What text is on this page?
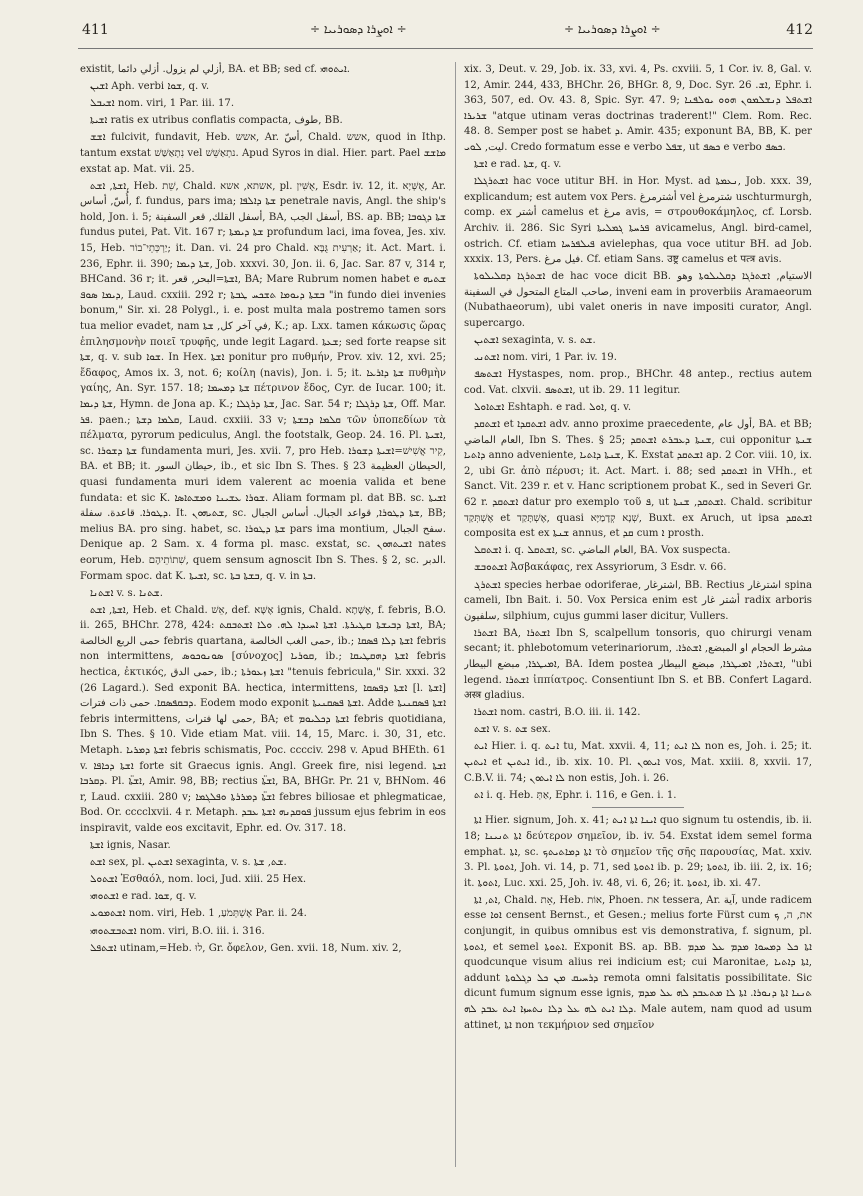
411	÷ ܐܘܨܪܐ ܕܣܘܪܝܝܐ ÷	÷ ܐܘܨܪܐ ܕܣܘܪܝܝܐ ÷	412

existit, أزلي لم يزول. أزلي دائما, BA. et BB; sed cf. ܐܝܬܘܗܝ.

ܐܫܝܢ Aph. verbi ܫܘܐ, q. v.

ܐܫܝܒܠ nom. viri, 1 Par. iii. 17.

ܐܫܝܬܐ ratis ex utribus conflatis compacta, طوف, BB.

ܐܫܫ fulcivit, fundavit, Heb. אשש, Ar. أسّ, Chald. אשש, quod in Ithp. tantum exstat נִתְאַשַּׁשׁ vel נתְאַשֵּׁשׁ. Apud Syros in dial. Hier. part. Pael ܡܐܫܫ exstat ap. Mat. vii. 25.

ܐܫܬܐ, ܐܫܬ, Heb. שֵׁת, Chald. אשתא, אשא, pl. אֻשִּׁין, Esdr. iv. 12, it. אֻשְּׁיָא, Ar. أُسّ, أساس, f. fundus, pars ima; ܫܬܐ ܕܐܠܦܐ penetrale navis, Angl. the ship's hold, Jon. i. 5; أسفل القلك, قعر السفينة, BA, أسفل الجب, BS. ap. BB; ܫܬܐ ܕܓܘܒܐ fundus putei, Pat. Vit. 167 r; ܫܬܐ ܕܝܡܬܐ profundum laci, ima fovea, Jes. xiv. 15, Heb. יַרְכְּתֵי־בוֹר; it. Dan. vi. 24 pro Chald. אַרְעִית גֻּבָּא; it. Act. Mart. i. 236, Ephr. ii. 390; ܫܬܐ ܕܝܡܐ, Job. xxxvi. 30, Jon. ii. 6, Jac. Sar. 87 v, 314 r, BHCand. 36 r; it. ܐܫܬܐ=البحر, قعر, BA; Mare Rubrum nomen habet e ܫܬܝܗ ܕܝܡܐ ܣܘܦ, Laud. cxxiii. 292 r; ܒܫܬܐ ܕܝܘܡܐ ܬܫܟܚ ܛܒܬܐ "in fundo diei invenies bonum," Sir. xi. 28 Polygl., i. e. post multa mala postremo tamen sors tua melior evadet, nam في آخر كل, ܫܬܐ, K.; ap. Lxx. tamen κάκωσις ὥρας ἐπιλησμονὴν ποιεῖ τρυφῆς, unde legit Lagard. ܫܥܬܐ; sed forte reapse sit ܫܬܐ, q. v. sub ܫܘܐ. In Hex. ܐܫܬܐ ponitur pro πυθμήν, Prov. xiv. 12, xvi. 25; ἔδαφος, Amos ix. 3, not. 6; κοίλη (navis), Jon. i. 5; it. ܫܬܐ ܕܐܪܥܐ πυθμὴν γαίης, An. Syr. 157. 18; ܫܬܐ ܕܡܚܡܐ πέτρινον ἔδος, Cyr. de Iucar. 100; it. ܫܬܐ ܕܝܡܐ, Hymn. de Jona ap. K.; ܫܬܐ ܕܪܓܠܐ, Jac. Sar. 54 r; ܫܬܐ ܕܪܓܠܐ, Off. Mar. ܦܪ. paen.; ܩܠܡܐ ܕܫܬܐ, Laud. cxxiii. 33 v; ܩܠܡܐ ܕܒܫܬܐ τῶν ὑποπεδίων τὰ πέλματα, pyrorum pediculus, Angl. the footstalk, Geop. 24. 16. Pl. ܐܫܝܬܐ, sc. ܫܬܐ ܕܫܘܪܐ fundamenta muri, Jes. xvii. 7, pro Heb. קִיר אֲשִׁישׁ=ܐܫܝܬܐ ܕܫܘܪܐ, BA. et BB; it. حيطان السور, ib., et sic Ibn S. Thes. § 23 الحيطان العظيمة, quasi fundamenta muri idem valerent ac moenia valida et bene fundata: et sic K. ܫܘܪܐ ܥܫܝܢܐ ܘܡܫܬܐܣܐ. Aliam formam pl. dat BB. sc. ܐܫܝܬܐ ܕܛܘܪܐ. قاعدة. سفلة. It. ܫܬܝܗܘܢ, sc. ܫܬܐ ܕܛܘܪܐ, قواعد الجبال. أساس الجبال, BB; melius BA. pro sing. habet, sc. ܫܬܐ ܕܛܘܪܐ pars ima montium, سفح الجبال. Denique ap. 2 Sam. x. 4 forma pl. masc. exstat, sc. ܐܫܝܬܗܘܢ nates eorum, Heb. שִׁתוֹתֵיהֶם, quem sensum agnoscit Ibn S. Thes. § 2, sc. الدبر. Formam spoc. dat K. ܐܫܝܬܐ, sc. ܒܫܬܐ ܒܬܐ, q. v. in ܒܬܐ.

ܐܫܬܢܐ v. s. ܫܬܢܐ.

ܐܫܬܐ, ܐܫܬ, Heb. et Chald. אֵשׁ, def. אֶשָּׁא ignis, Chald. אֶשָּׁתָא, f. febris, B.O. ii. 265, BHChr. 278, 424: ܐܫܬܐ ܕܒܝܫܬܐ ܩܛܝܪܬܐ. ܐܫܬܐ ܐܚܝܕܐ ܠܗ. ܘܠܐ ܐܫܬܒܩܬ, BA; حمى الربع الخالصة febris quartana, حمى الغب الخالصة, ib.; ܐܫܬܐ ܕܠܐ ܦܣܩܐ febris non intermittens, ܣܘܢܘܟܘܣ [σύνοχος] ܩܘܪܝܐ, ib.; ܐܫܬܐ ܕܗܩܛܝܩܐ febris hectica, ἐκτικός, حمى الدق, ib.; ܐܫܬܐ ܙܥܘܪܬܐ "tenuis febricula," Sir. xxxi. 32 (26 Lagard.). Sed exponit BA. hectica, intermittens, ܐܫܬܐ ܕܦܣܩܐ [l. ܐܫܬܐ] ܕܒܩܦܣܩܐ. حمى ذات فترات. Eodem modo exponit ܐܫܬܐ ܦܣܩܢܝܬܐ. Adde ܐܫܬܐ ܦܣܩܢܝܬܐ febris intermittens, حمى لها فترات, BA; et ܐܫܬܐ ܕܟܠܝܘܡ febris quotidiana, Ibn S. Thes. § 10. Vide etiam Mat. viii. 14, 15, Marc. i. 30, 31, etc. Metaph. ܐܫܬܐ ܕܡܪܝܐ febris schismatis, Poc. cccciv. 298 v. Apud BHEth. 61 v. ܐܫܬܐ ܕܟܐܦܐ forte sit Graecus ignis. Angl. Greek fire, nisi legend. ܐܫܬܐ ܕܩܪܒܐ. Pl. ܐܫܬܐ̈, Amir. 98, BB; rectius ܐܫܬ̈ܐ, BA, BHGr. Pr. 21 v, BHNom. 46 r, Laud. cxxiii. 280 v; ܐܫܬܐ̈ ܕܡܪܪܬܐ ܘܦܠܓܡܐ febres biliosae et phlegmaticae, Bod. Or. cccclxvii. 4 r. Metaph. ܦܘܩܕܢܗ ܐܫܬܐ ܥܒܕ jussum ejus febrim in eos inspiravit, valde eos excitavit, Ephr. ed. Ov. 317. 18.

ܐܫܬܐ ignis, Nasar.

ܐܫܬ sex, pl. ܐܫܬܝܢ sexaginta, v. s. ܫܬ, ܫܬܐ.

ܐܫܬܘܠ Ἐσθαόλ, nom. loci, Jud. xiii. 25 Hex.

ܐܫܬܘܗܝ e rad. ܫܘܐ, q. v.

ܐܫܬܡܘܥ nom. viri, Heb. אֶשְׁתְּמֹעַ, 1 Par. ii. 24.

ܐܫܬܒܫܬܘܗܝ nom. viri, B.O. iii. i. 316.

ܐܫܬܦܠ utinam,=Heb. לוּ, Gr. ὄφελον, Gen. xvii. 18, Num. xiv. 2,

xix. 3, Deut. v. 29, Job. ix. 33, xvi. 4, Ps. cxviii. 5, 1 Cor. iv. 8, Gal. v. 12, Amir. 244, 433, BHChr. 26, BHGr. 8, 9, Doc. Syr. ܐܫ. 26, Ephr. i. 363, 507, ed. Ov. 43. 8, Spic. Syr. 47. 9; ܐܫܬܦܠ ܕܢܫܠܡܘܢ ܗܘܘ ܝܘܠܦܢܐ ܫܪܝܪܐ "atque utinam veras doctrinas traderent!" Clem. Rom. Rec. 48. 8. Semper post se habet ܕ. Amir. 435; exponunt BA, BB, K. per ليت, ܠܘܝ. Credo formatum esse e verbo ܫܦܠ, ut ܟܣܦ e verbo ܟܣܦ.

ܐܫܬܐ e rad. ܫܬܐ, q. v.

ܐܫܬܪܓܠܐ hac voce utitur BH. in Hor. Myst. ad ܢܥܡܬܐ, Job. xxx. 39, explicandum; est autem vox Pers. أشترمرغ vel شترمرغ uschturmurgh, comp. ex أشتر camelus et مرغ avis, = στρουθοκάμηλος, cf. Lorsb. Archiv. ii. 286. Sic Syri ܦܪܚܬܐ ܓܡܠܝܬܐ avicamelus, Angl. bird-camel, ostrich. Cf. etiam ܦܝܠܦܪܚܐ avielephas, qua voce utitur BH. ad Job. xxxix. 13, Pers. فيل مرغ. Cf. etiam Sans. उष्ट्र camelus et पत्त्र avis.

ܐܫܬܪܓܐ ܕܩܠܝܠܘܬܐ de hac voce dicit BB. الاستيام, ܐܫܬܪܓܐ ܕܩܠܝܠܘܬܐ وهو صاحب المتاع المتحول في السفينة, inveni eam in proverbiis Aramaeorum (Nubathaeorum), ubi valet oneris in nave impositi curator, Angl. supercargo.

ܐܫܬܝܢ sexaginta, v. s. ܫܬ.

ܐܫܬܢܝ nom. viri, 1 Par. iv. 19.

ܐܫܬܣܦ Hystaspes, nom. prop., BHChr. 48 antep., rectius autem cod. Vat. clxvii. ܐܫܬܣܦ, ut ib. 29. 11 legitur.

ܐܫܬܐܘܠ Eshtaph. e rad. ܐܘܠ, q. v.

ܐܫܬܩܕ et ܐܫܬܩܕܐ adv. anno proxime praecedente, أول عام, BA. et BB; العام الماضي, Ibn S. Thes. § 25; ܫܢܬܐ ܕܥܒܪܬ ܐܫܬܩܕ, cui opponitur ܫܢܬܐ ܕܐܬܝܐ anno adveniente, ܫܢܬܐ ܕܐܬܝܐ, K. Exstat ܐܫܬܩܕ ap. 2 Cor. viii. 10, ix. 2, ubi Gr. ἀπὸ πέρυσι; it. Act. Mart. i. 88; sed ܐܫܬܩܕ in VHh., et Sanct. Vit. 239 r. et v. Hanc scriptionem probat K., sed in Severi Gr. 62 r. ܐܫܬܩܕ datur pro exemplo τοῦ ܦ, ut ܐܫܬܩܕ, ܫܢܬܐ. Chald. scribitur אֶשְׁתְּקַד et אֶשְׁתָּקַד, quasi שְׁנָא קְדָמַיָּא, Buxt. ex Aruch, ut ipsa ܐܫܬܩܕ composita est ex ܫܢܬܐ annus, et ܩܕ cum ܐ prosth.

ܐܫܬܩܠ i. q. ܐܫܬܩܠ, sc. العام الماضي, BA. Vox suspecta.

ܐܫܬܘܒܫ Ἀσβακάφας, rex Assyriorum, 3 Esdr. v. 66.

ܐܫܬܪܓ species herbae odoriferae, اشترغار, BB. Rectius اشترغار spina cameli, Ibn Bait. i. 50. Vox Persica enim est أشتر غار radix arboris سلفيون, silphium, cujus gummi laser dicitur, Vullers.

ܐܫܬܪܐ BA, ܐܫܬܪܐ Ibn S, scalpellum tonsoris, quo chirurgi venam secant; it. phlebotomum veterinariorum, مشرط الحجام او المبضع, ܐܫܬܪܐ. ܐܡܝܛܪܐ, مبضع البيطار, BA. Idem postea ܐܫܬܪܐ, ܐܡܝܛܪܐ, مبضع البيطار, "ubi legend. ܐܫܬܪܐ ἰππίατρος. Consentiunt Ibn S. et BB. Confert Lagard. अस्त्र gladius.

ܐܫܬܪܐ nom. castri, B.O. iii. ii. 142.

ܐܫܬ v. s. ܫܬ sex.

ܐܝܬ Hier. i. q. ܐܢܬ tu, Mat. xxvii. 4, 11; ܠܐ ܐܝܬ non es, Joh. i. 25; it. ܐܝܬܝܢ et ܐܝܬܝܢ id., ib. xix. 10. Pl. ܐܝܬܘܢ vos, Mat. xxiii. 8, xxvii. 17, C.B.V. ii. 74; ܠܐ ܐܝܬܘܢ non estis, Joh. i. 26.

ܐܬ i. q. Heb. אַתְּ, Ephr. i. 116, e Gen. i. 1.

ܐܬܐ Hier. signum, Joh. x. 41; ܐܝܢܐ ܐܬܐ ܐܢܬ quo signum tu ostendis, ib. ii. 18; ܐܬܐ ܬܢܝܢܐ δεύτερον σημεῖον, ib. iv. 54. Exstat idem semel forma emphat. ܐܬܐ, sc. ܐܬܐ ܕܡܐܬܝܬܟ τὸ σημεῖον τῆς σῆς παρουσίας, Mat. xxiv. 3. Pl. ܐܬܘܬܐ, Joh. vi. 14, p. 71, sed ܐܬܘܬܐ ib. p. 29; ܐܬܘܬܐ, ib. iii. 2, ix. 16; it. ܐܬܘܬܐ, Luc. xxi. 25, Joh. iv. 48, vi. 6, 26; it. ܐܬܘܬܐ, ib. xi. 47.

ܐܬ, ܐܬܐ, Chald. אָת, Heb. אוֹת, Phoen. את tessera, Ar. آية, unde radicem esse ܐܘܐ censent Bernst., et Gesen.; melius forte Fürst cum את, ה, ܟ conjungit, in quibus omnibus est vis demonstrativa, f. signum, pl. ܐܬܘܬܐ, et semel ܐܬܘܬܐ. Exponit BS. ap. BB. ܐܬܐ ܟܠ ܕܡܚܘܐ ܡܕܡ ܥܠ ܡܕܡ quodcunque visum alius rei indicium est; cui Maronitae, ܐܬܐ ܕܐܬܝܐ, addunt ܕܪܚܝܩ ܡܢ ܟܠ ܕܓܠܘܬܐ remota omni falsitatis possibilitate. Sic dicunt fumum signum esse ignis, ܬܢܢܐ ܐܬܐ ܕܢܘܪܐ. ܐܬܐ ܠܐ ܡܬܥܒܕ ܠܗ ܥܠ ܡܕܡ ܕܠܐ ܐܝܬ ܠܗ ܥܠ ܕܠܐ ܢܬܚܙܐ ܐܝܬ ܥܒܕ ܠܗ. Male autem, nam quod ad usum attinet, ܐܬܐ non τεκμήριον sed σημεῖον
